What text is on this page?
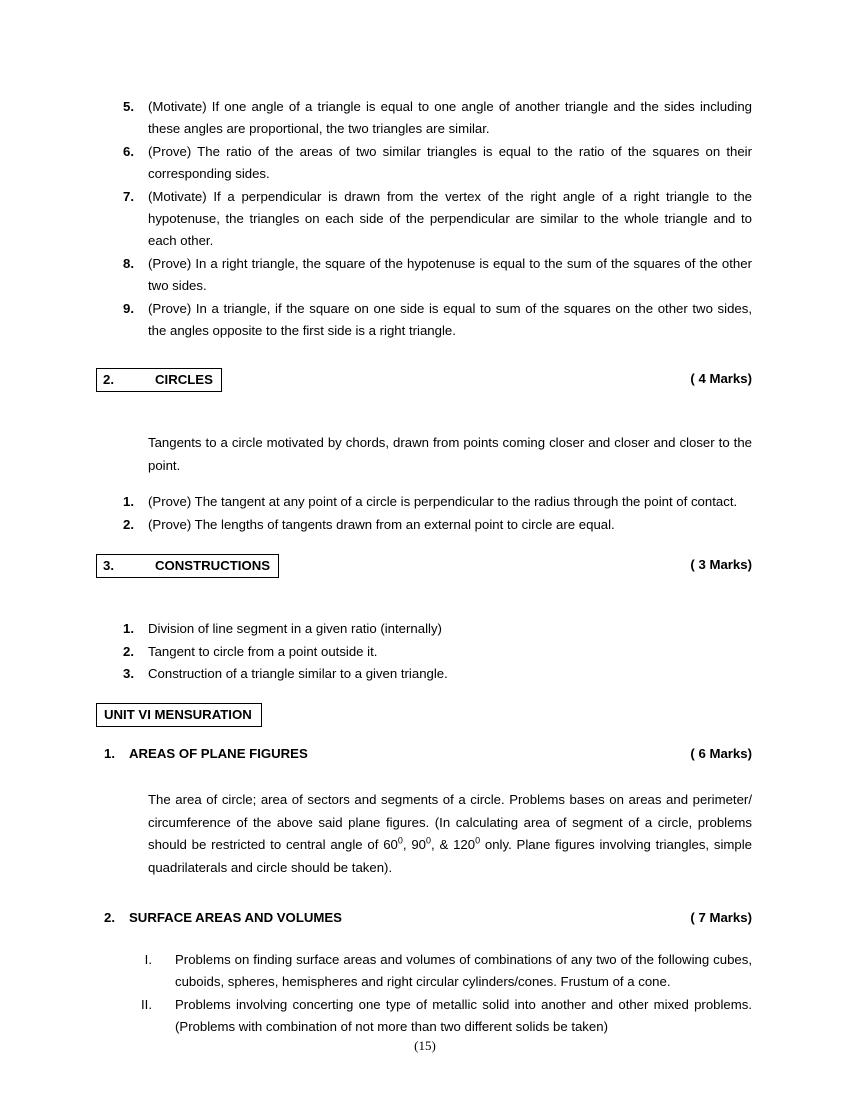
5. (Motivate) If one angle of a triangle is equal to one angle of another triangle and the sides including these angles are proportional, the two triangles are similar.
6. (Prove) The ratio of the areas of two similar triangles is equal to the ratio of the squares on their corresponding sides.
7. (Motivate) If a perpendicular is drawn from the vertex of the right angle of a right triangle to the hypotenuse, the triangles on each side of the perpendicular are similar to the whole triangle and to each other.
8. (Prove) In a right triangle, the square of the hypotenuse is equal to the sum of the squares of the other two sides.
9. (Prove) In a triangle, if the square on one side is equal to sum of the squares on the other two sides, the angles opposite to the first side is a right triangle.
2.	CIRCLES	( 4 Marks)

Tangents to a circle motivated by chords, drawn from points coming closer and closer and closer to the point.

1. (Prove) The tangent at any point of a circle is perpendicular to the radius through the point of contact.
2. (Prove) The lengths of tangents drawn from an external point to circle are equal.
3.	CONSTRUCTIONS	( 3 Marks)
1. Division of line segment in a given ratio (internally)
2. Tangent to circle from a point outside it.
3. Construction of a triangle similar to a given triangle.
UNIT VI MENSURATION
1. AREAS OF PLANE FIGURES	( 6 Marks)

The area of circle; area of sectors and segments of a circle. Problems bases on areas and perimeter/ circumference of the above said plane figures. (In calculating area of segment of a circle, problems should be restricted to central angle of $60^0$, $90^0$, & $120^0$ only. Plane figures involving triangles, simple quadrilaterals and circle should be taken).

2. SURFACE AREAS AND VOLUMES	( 7 Marks)
I. Problems on finding surface areas and volumes of combinations of any two of the following cubes, cuboids, spheres, hemispheres and right circular cylinders/cones. Frustum of a cone.
II. Problems involving concerting one type of metallic solid into another and other mixed problems. (Problems with combination of not more than two different solids be taken)
(15)
